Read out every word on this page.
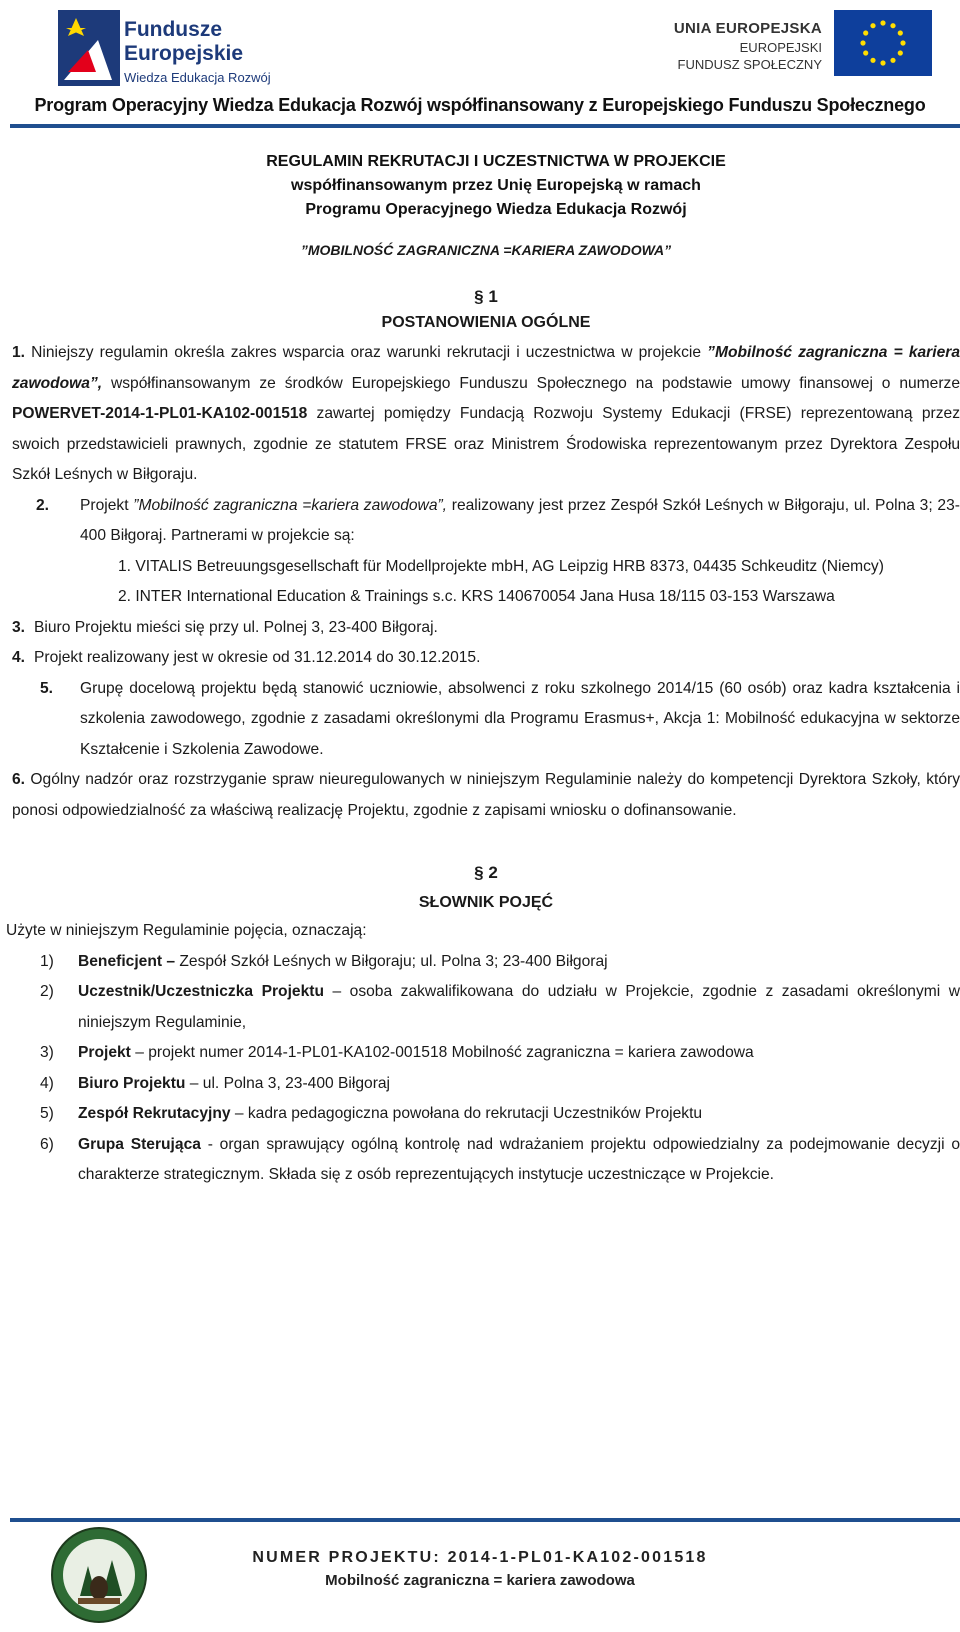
Fundusze
Europejskie
Wiedza Edukacja Rozwój
UNIA EUROPEJSKA
EUROPEJSKI
FUNDUSZ SPOŁECZNY
Program Operacyjny Wiedza Edukacja Rozwój współfinansowany z Europejskiego Funduszu Społecznego
REGULAMIN REKRUTACJI I UCZESTNICTWA W PROJEKCIE
współfinansowanym przez Unię Europejską w ramach
Programu Operacyjnego Wiedza Edukacja Rozwój
”MOBILNOŚĆ ZAGRANICZNA =KARIERA ZAWODOWA”
§ 1
POSTANOWIENIA OGÓLNE
1. Niniejszy regulamin określa zakres wsparcia oraz warunki rekrutacji i uczestnictwa w projekcie ”Mobilność zagraniczna = kariera zawodowa”, współfinansowanym ze środków Europejskiego Funduszu Społecznego na podstawie umowy finansowej o numerze POWERVET-2014-1-PL01-KA102-001518 zawartej pomiędzy Fundacją Rozwoju Systemy Edukacji (FRSE) reprezentowaną przez swoich przedstawicieli prawnych, zgodnie ze statutem FRSE oraz Ministrem Środowiska reprezentowanym przez Dyrektora Zespołu Szkół Leśnych w Biłgoraju.
2.	Projekt ”Mobilność zagraniczna =kariera zawodowa”, realizowany jest przez Zespół Szkół Leśnych w Biłgoraju, ul. Polna 3; 23-400 Biłgoraj. Partnerami w projekcie są:
1. VITALIS Betreuungsgesellschaft für Modellprojekte mbH, AG Leipzig HRB 8373, 04435 Schkeuditz (Niemcy)
2. INTER International Education & Trainings s.c. KRS 140670054 Jana Husa 18/115 03-153 Warszawa
3. Biuro Projektu mieści się przy ul. Polnej 3, 23-400 Biłgoraj.
4. Projekt realizowany jest w okresie od 31.12.2014 do 30.12.2015.
5.	Grupę docelową projektu będą stanowić uczniowie, absolwenci z roku szkolnego 2014/15 (60 osób) oraz kadra kształcenia i szkolenia zawodowego, zgodnie z zasadami określonymi dla Programu Erasmus+, Akcja 1: Mobilność edukacyjna w sektorze Kształcenie i Szkolenia Zawodowe.
6. Ogólny nadzór oraz rozstrzyganie spraw nieuregulowanych w niniejszym Regulaminie należy do kompetencji Dyrektora Szkoły, który ponosi odpowiedzialność za właściwą realizację Projektu, zgodnie z zapisami wniosku o dofinansowanie.
§ 2
SŁOWNIK POJĘĆ
Użyte w niniejszym Regulaminie pojęcia, oznaczają:
1)	Beneficjent – Zespół Szkół Leśnych w Biłgoraju; ul. Polna 3; 23-400 Biłgoraj
2)	Uczestnik/Uczestniczka Projektu – osoba zakwalifikowana do udziału w Projekcie, zgodnie z zasadami określonymi w niniejszym Regulaminie,
3)	Projekt – projekt numer 2014-1-PL01-KA102-001518 Mobilność zagraniczna = kariera zawodowa
4)	Biuro Projektu – ul. Polna 3, 23-400 Biłgoraj
5)	Zespół Rekrutacyjny – kadra pedagogiczna powołana do rekrutacji Uczestników Projektu
6)	Grupa Sterująca - organ sprawujący ogólną kontrolę nad wdrażaniem projektu odpowiedzialny za podejmowanie decyzji o charakterze strategicznym. Składa się z osób reprezentujących instytucje uczestniczące w Projekcie.
NUMER PROJEKTU: 2014-1-PL01-KA102-001518
Mobilność zagraniczna = kariera zawodowa
